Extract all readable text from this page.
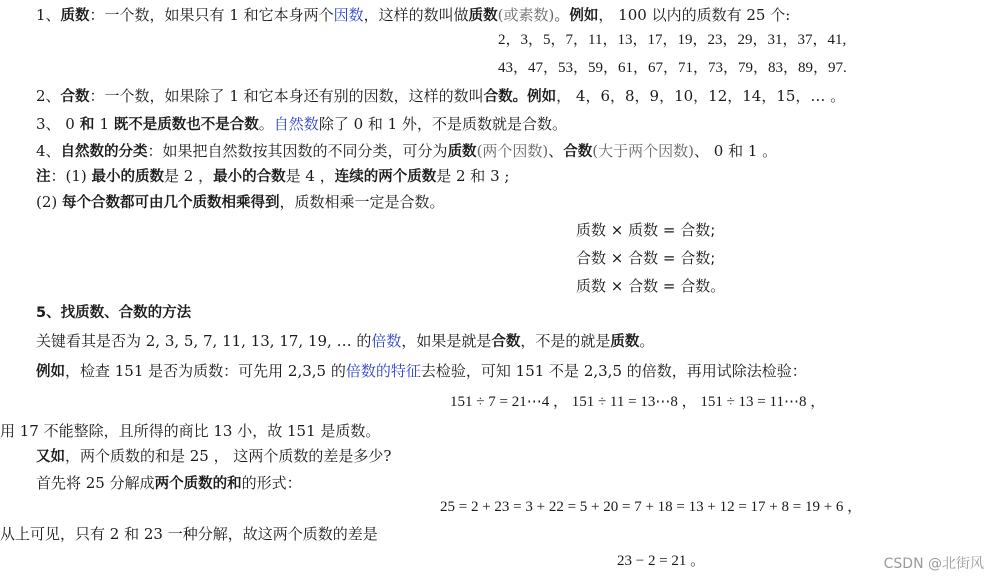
1、质数：一个数，如果只有 1 和它本身两个因数，这样的数叫做质数(或素数)。例如， 100 以内的质数有 25 个:
2，3，5，7，11，13，17，19，23，29，31，37，41,
43，47，53，59，61，67，71，73，79，83，89，97.
2、合数：一个数，如果除了 1 和它本身还有别的因数，这样的数叫合数。例如， 4，6，8，9，10，12，14，15，… 。
3、 0 和 1 既不是质数也不是合数。自然数除了 0 和 1 外，不是质数就是合数。
4、自然数的分类：如果把自然数按其因数的不同分类，可分为质数(两个因数)、合数(大于两个因数)、 0 和 1 。
注：(1) 最小的质数是 2 ，最小的合数是 4 ，连续的两个质数是 2 和 3 ;
(2) 每个合数都可由几个质数相乘得到，质数相乘一定是合数。
质数 × 质数 = 合数;
合数 × 合数 = 合数;
质数 × 合数 = 合数。
5、找质数、合数的方法
关键看其是否为 2, 3, 5, 7, 11, 13, 17, 19, … 的倍数，如果是就是合数，不是的就是质数。
例如，检查 151 是否为质数：可先用 2,3,5 的倍数的特征去检验，可知 151 不是 2,3,5 的倍数，再用试除法检验：
151 ÷ 7 = 21⋯4 ， 151 ÷ 11 = 13⋯8 ， 151 ÷ 13 = 11⋯8 ，
用 17 不能整除，且所得的商比 13 小，故 151 是质数。
又如，两个质数的和是 25 ， 这两个质数的差是多少?
首先将 25 分解成两个质数的和的形式：
25 = 2 + 23 = 3 + 22 = 5 + 20 = 7 + 18 = 13 + 12 = 17 + 8 = 19 + 6 ，
从上可见，只有 2 和 23 一种分解，故这两个质数的差是
23 − 2 = 21 。	CSDN @北街风
